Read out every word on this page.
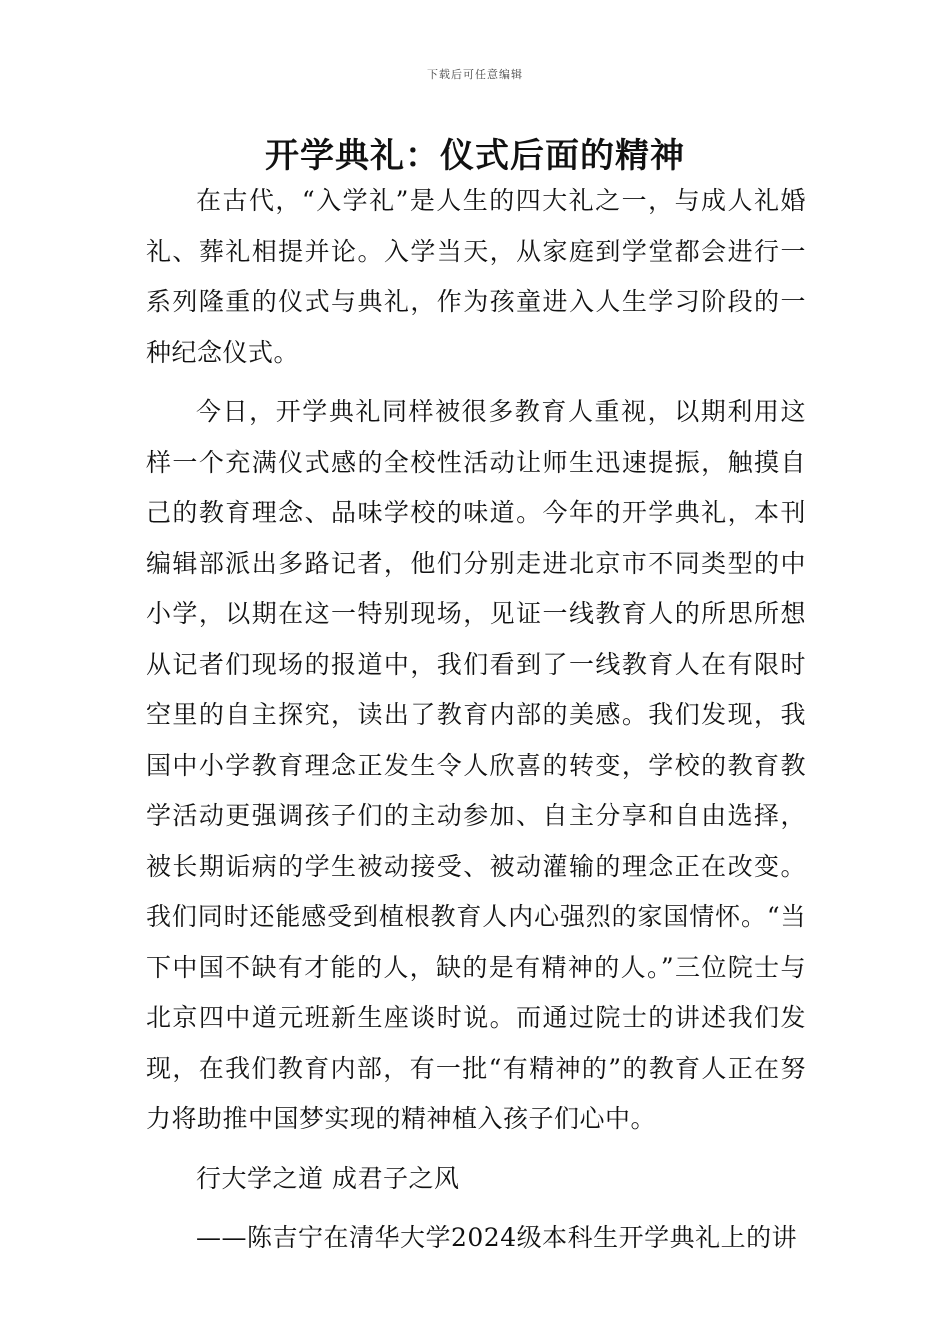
下载后可任意编辑
开学典礼：仪式后面的精神

在古代，“入学礼”是人生的四大礼之一，与成人礼婚礼、葬礼相提并论。入学当天，从家庭到学堂都会进行一系列隆重的仪式与典礼，作为孩童进入人生学习阶段的一种纪念仪式。

今日，开学典礼同样被很多教育人重视，以期利用这样一个充满仪式感的全校性活动让师生迅速提振，触摸自己的教育理念、品味学校的味道。今年的开学典礼，本刊编辑部派出多路记者，他们分别走进北京市不同类型的中小学，以期在这一特别现场，见证一线教育人的所思所想从记者们现场的报道中，我们看到了一线教育人在有限时空里的自主探究，读出了教育内部的美感。我们发现，我国中小学教育理念正发生令人欣喜的转变，学校的教育教学活动更强调孩子们的主动参加、自主分享和自由选择，被长期诟病的学生被动接受、被动灌输的理念正在改变。我们同时还能感受到植根教育人内心强烈的家国情怀。“当下中国不缺有才能的人，缺的是有精神的人。”三位院士与北京四中道元班新生座谈时说。而通过院士的讲述我们发现，在我们教育内部，有一批“有精神的”的教育人正在努力将助推中国梦实现的精神植入孩子们心中。

行大学之道 成君子之风

——陈吉宁在清华大学2024级本科生开学典礼上的讲
